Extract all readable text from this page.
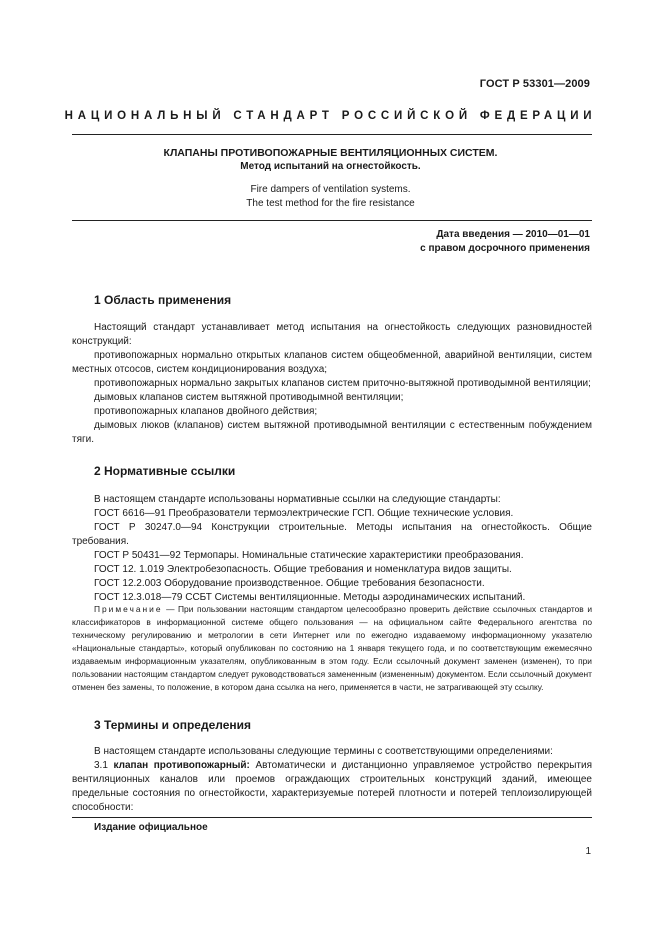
ГОСТ Р 53301—2009
НАЦИОНАЛЬНЫЙ СТАНДАРТ РОССИЙСКОЙ ФЕДЕРАЦИИ
КЛАПАНЫ ПРОТИВОПОЖАРНЫЕ ВЕНТИЛЯЦИОННЫХ СИСТЕМ.
Метод испытаний на огнестойкость.
Fire dampers of ventilation systems.
The test method for the fire resistance
Дата введения — 2010—01—01
с правом досрочного применения
1 Область применения

Настоящий стандарт устанавливает метод испытания на огнестойкость следующих разновидностей конструкций:

противопожарных нормально открытых клапанов систем общеобменной, аварийной вентиляции, систем местных отсосов, систем кондиционирования воздуха;

противопожарных нормально закрытых клапанов систем приточно-вытяжной противодымной вентиляции;

дымовых клапанов систем вытяжной противодымной вентиляции;

противопожарных клапанов двойного действия;

дымовых люков (клапанов) систем вытяжной противодымной вентиляции с естественным побуждением тяги.

2 Нормативные ссылки

В настоящем стандарте использованы нормативные ссылки на следующие стандарты:

ГОСТ 6616—91 Преобразователи термоэлектрические ГСП. Общие технические условия.

ГОСТ Р 30247.0—94 Конструкции строительные. Методы испытания на огнестойкость. Общие требования.

ГОСТ Р 50431—92 Термопары. Номинальные статические характеристики преобразования.

ГОСТ 12. 1.019 Электробезопасность. Общие требования и номенклатура видов защиты.

ГОСТ 12.2.003 Оборудование производственное. Общие требования безопасности.

ГОСТ 12.3.018—79 ССБТ Системы вентиляционные. Методы аэродинамических испытаний.

Примечание — При пользовании настоящим стандартом целесообразно проверить действие ссылочных стандартов и классификаторов в информационной системе общего пользования — на официальном сайте Федерального агентства по техническому регулированию и метрологии в сети Интернет или по ежегодно издаваемому информационному указателю «Национальные стандарты», который опубликован по состоянию на 1 января текущего года, и по соответствующим ежемесячно издаваемым информационным указателям, опубликованным в этом году. Если ссылочный документ заменен (изменен), то при пользовании настоящим стандартом следует руководствоваться замененным (измененным) документом. Если ссылочный документ отменен без замены, то положение, в котором дана ссылка на него, применяется в части, не затрагивающей эту ссылку.

3 Термины и определения

В настоящем стандарте использованы следующие термины с соответствующими определениями:

3.1 клапан противопожарный: Автоматически и дистанционно управляемое устройство перекрытия вентиляционных каналов или проемов ограждающих строительных конструкций зданий, имеющее предельные состояния по огнестойкости, характеризуемые потерей плотности и потерей теплоизолирующей способности:

Издание официальное
1
